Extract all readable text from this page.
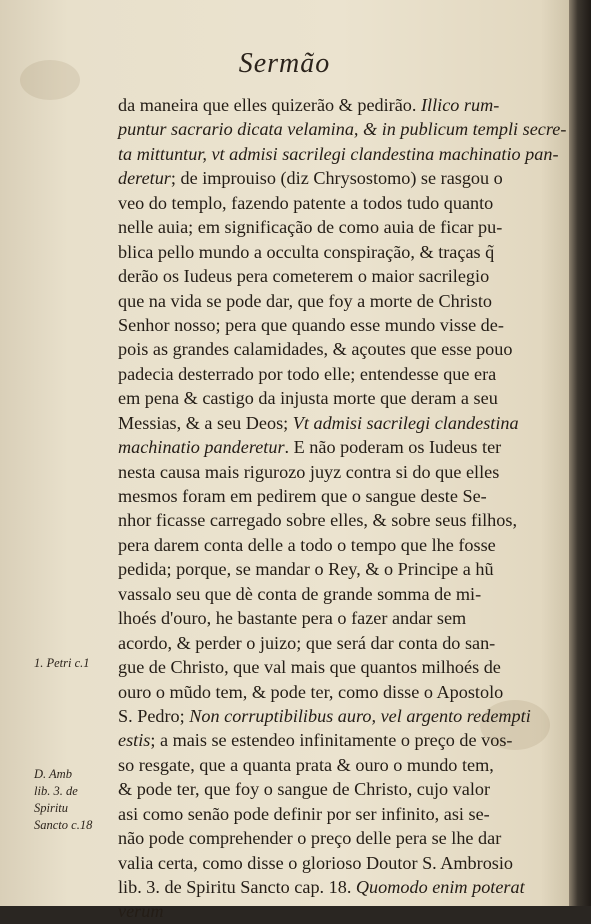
Sermão
da maneira que elles quizerão & pedirão. Illico rum-
puntur sacrario dicata velamina, & in publicum templi secre-
ta mittuntur, vt admisi sacrilegi clandestina machinatio pan-
deretur; de improuiso (diz Chrysostomo) se rasgou o
veo do templo, fazendo patente a todos tudo quanto
nelle auia; em significação de como auia de ficar pu-
blica pello mundo a occulta conspiração, & traças q̃
derão os Iudeus pera cometerem o maior sacrilegio
que na vida se pode dar, que foy a morte de Christo
Senhor nosso; pera que quando esse mundo visse de-
pois as grandes calamidades, & açoutes que esse pouo
padecia desterrado por todo elle; entendesse que era
em pena & castigo da injusta morte que deram a seu
Messias, & a seu Deos; Vt admisi sacrilegi clandestina
machinatio panderetur. E não poderam os Iudeus ter
nesta causa mais rigurozo juyz contra si do que elles
mesmos foram em pedirem que o sangue deste Se-
nhor ficasse carregado sobre elles, & sobre seus filhos,
pera darem conta delle a todo o tempo que lhe fosse
pedida; porque, se mandar o Rey, & o Principe a hũ
vassalo seu que dè conta de grande somma de mi-
lhoés d'ouro, he bastante pera o fazer andar sem
acordo, & perder o juizo; que será dar conta do san-
gue de Christo, que val mais que quantos milhoés de
ouro o mũdo tem, & pode ter, como disse o Apostolo
S. Pedro; Non corruptibilibus auro, vel argento redempti
estis; a mais se estendeo infinitamente o preço de vos-
so resgate, que a quanta prata & ouro o mundo tem,
& pode ter, que foy o sangue de Christo, cujo valor
asi como senão pode definir por ser infinito, asi se-
não pode comprehender o preço delle pera se lhe dar
valia certa, como disse o glorioso Doutor S. Ambrosio
lib. 3. de Spiritu Sancto cap. 18. Quomodo enim poterat
verum
1. Petri c.1
D. Amb
lib. 3. de
Spiritu
Sancto c.18
